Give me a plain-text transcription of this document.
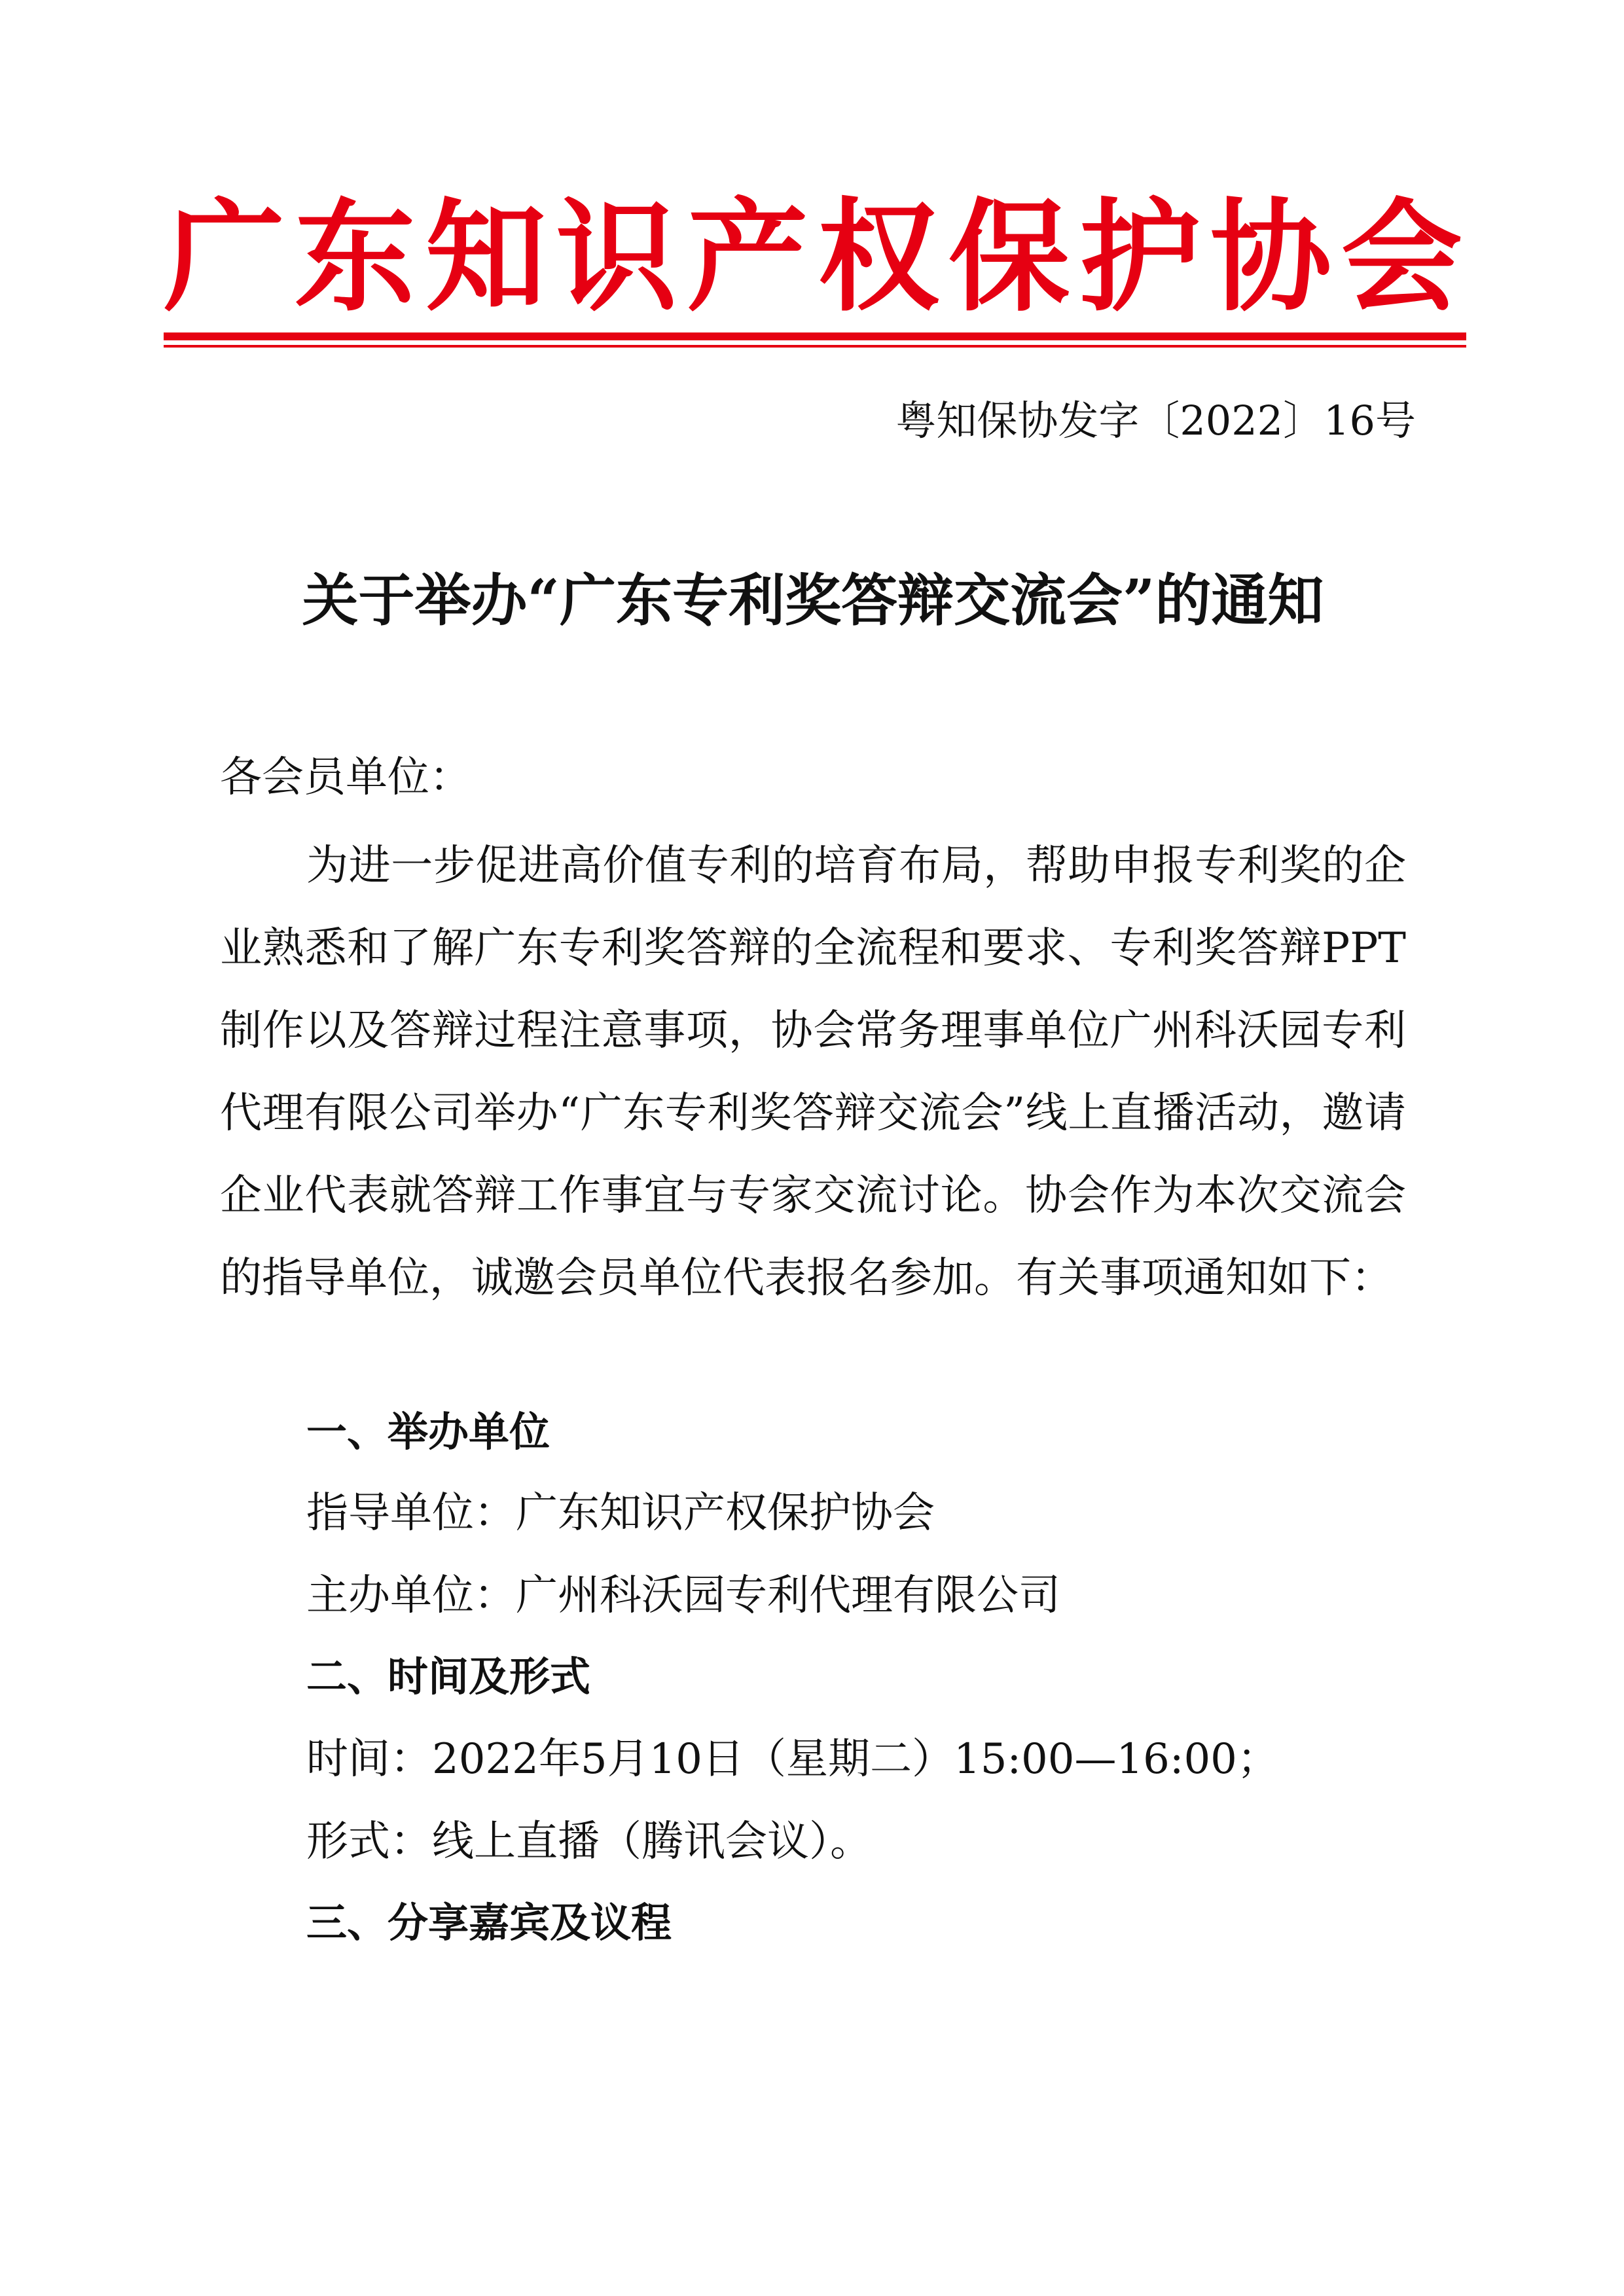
广 东 知 识 产 权 保 护 协 会
粤知保协发字〔2022〕16号
关于举办“广东专利奖答辩交流会”的通知
各会员单位：

为进一步促进高价值专利的培育布局，帮助申报专利奖的企业熟悉和了解广东专利奖答辩的全流程和要求、专利奖答辩PPT制作以及答辩过程注意事项，协会常务理事单位广州科沃园专利代理有限公司举办“广东专利奖答辩交流会”线上直播活动，邀请企业代表就答辩工作事宜与专家交流讨论。协会作为本次交流会的指导单位，诚邀会员单位代表报名参加。有关事项通知如下：

一、举办单位
指导单位：广东知识产权保护协会
主办单位：广州科沃园专利代理有限公司
二、时间及形式
时间：2022年5月10日（星期二）15:00—16:00；
形式：线上直播（腾讯会议）。
三、分享嘉宾及议程
